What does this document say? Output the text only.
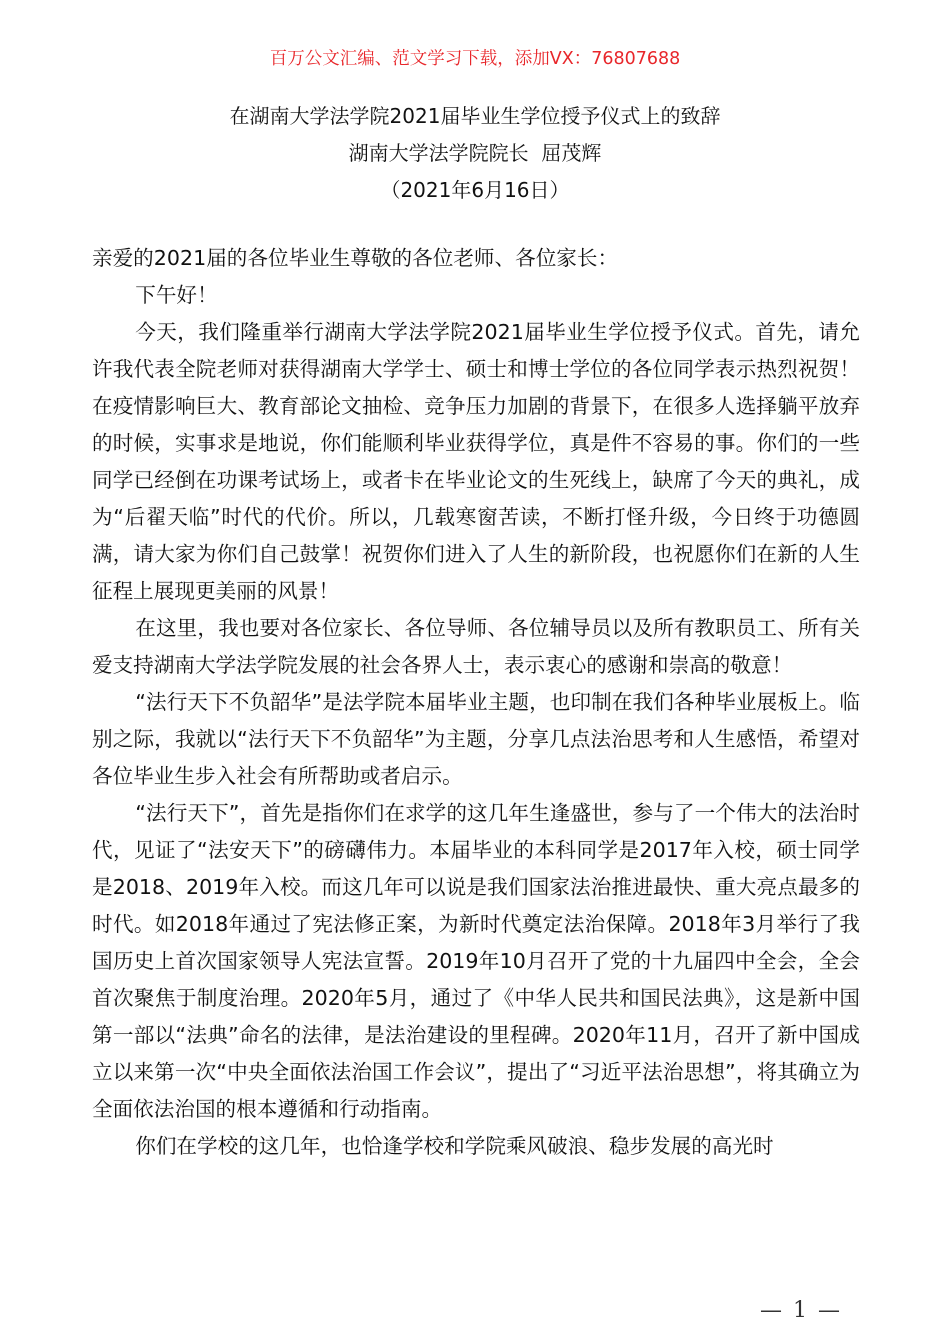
百万公文汇编、范文学习下载，添加VX：76807688
在湖南大学法学院2021届毕业生学位授予仪式上的致辞
湖南大学法学院院长  屈茂辉
（2021年6月16日）

亲爱的2021届的各位毕业生尊敬的各位老师、各位家长：

下午好！

今天，我们隆重举行湖南大学法学院2021届毕业生学位授予仪式。首先，请允许我代表全院老师对获得湖南大学学士、硕士和博士学位的各位同学表示热烈祝贺！在疫情影响巨大、教育部论文抽检、竞争压力加剧的背景下，在很多人选择躺平放弃的时候，实事求是地说，你们能顺利毕业获得学位，真是件不容易的事。你们的一些同学已经倒在功课考试场上，或者卡在毕业论文的生死线上，缺席了今天的典礼，成为“后翟天临”时代的代价。所以，几载寒窗苦读，不断打怪升级，今日终于功德圆满，请大家为你们自己鼓掌！祝贺你们进入了人生的新阶段，也祝愿你们在新的人生征程上展现更美丽的风景！

在这里，我也要对各位家长、各位导师、各位辅导员以及所有教职员工、所有关爱支持湖南大学法学院发展的社会各界人士，表示衷心的感谢和崇高的敬意！

“法行天下不负韶华”是法学院本届毕业主题，也印制在我们各种毕业展板上。临别之际，我就以“法行天下不负韶华”为主题，分享几点法治思考和人生感悟，希望对各位毕业生步入社会有所帮助或者启示。

“法行天下”，首先是指你们在求学的这几年生逢盛世，参与了一个伟大的法治时代，见证了“法安天下”的磅礴伟力。本届毕业的本科同学是2017年入校，硕士同学是2018、2019年入校。而这几年可以说是我们国家法治推进最快、重大亮点最多的时代。如2018年通过了宪法修正案，为新时代奠定法治保障。2018年3月举行了我国历史上首次国家领导人宪法宣誓。2019年10月召开了党的十九届四中全会，全会首次聚焦于制度治理。2020年5月，通过了《中华人民共和国民法典》，这是新中国第一部以“法典”命名的法律，是法治建设的里程碑。2020年11月，召开了新中国成立以来第一次“中央全面依法治国工作会议”，提出了“习近平法治思想”，将其确立为全面依法治国的根本遵循和行动指南。

你们在学校的这几年，也恰逢学校和学院乘风破浪、稳步发展的高光时

— 1 —
